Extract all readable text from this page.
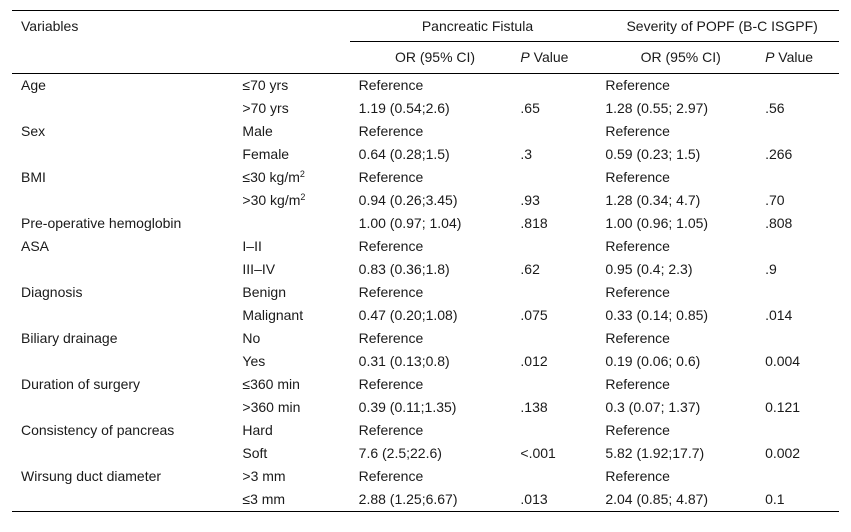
Variables		Pancreatic Fistula		Severity of POPF (B-C ISGPF)	
		OR (95% CI)	P Value	OR (95% CI)	P Value
Age	≤70 yrs	Reference		Reference	
	>70 yrs	1.19 (0.54;2.6)	.65	1.28 (0.55; 2.97)	.56
Sex	Male	Reference		Reference	
	Female	0.64 (0.28;1.5)	.3	0.59 (0.23; 1.5)	.266
BMI	≤30 $kg/m^2$	Reference		Reference	
	>30 $kg/m^2$	0.94 (0.26;3.45)	.93	1.28 (0.34; 4.7)	.70
Pre-operative hemoglobin		1.00 (0.97; 1.04)	.818	1.00 (0.96; 1.05)	.808
ASA	I–II	Reference		Reference	
	III–IV	0.83 (0.36;1.8)	.62	0.95 (0.4; 2.3)	.9
Diagnosis	Benign	Reference		Reference	
	Malignant	0.47 (0.20;1.08)	.075	0.33 (0.14; 0.85)	.014
Biliary drainage	No	Reference		Reference	
	Yes	0.31 (0.13;0.8)	.012	0.19 (0.06; 0.6)	0.004
Duration of surgery	≤360 min	Reference		Reference	
	>360 min	0.39 (0.11;1.35)	.138	0.3 (0.07; 1.37)	0.121
Consistency of pancreas	Hard	Reference		Reference	
	Soft	7.6 (2.5;22.6)	<.001	5.82 (1.92;17.7)	0.002
Wirsung duct diameter	>3 mm	Reference		Reference	
	≤3 mm	2.88 (1.25;6.67)	.013	2.04 (0.85; 4.87)	0.1
